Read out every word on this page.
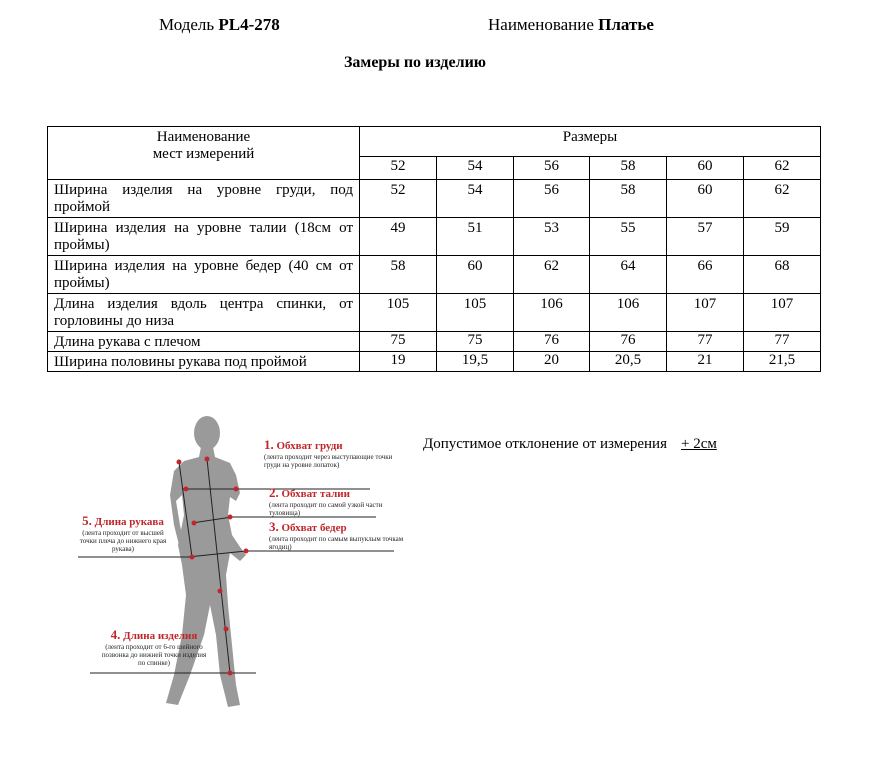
Модель PL4-278	Наименование Платье
Замеры по изделию
Наименование
мест измерений	Размеры					
	52	54	56	58	60	62
Ширина изделия на уровне груди, под проймой	52	54	56	58	60	62
Ширина изделия на уровне талии (18см от проймы)	49	51	53	55	57	59
Ширина изделия на уровне бедер (40 см от проймы)	58	60	62	64	66	68
Длина изделия вдоль центра спинки, от горловины до низа	105	105	106	106	107	107
Длина рукава с плечом	75	75	76	76	77	77
Ширина половины рукава под проймой	19	19,5	20	20,5	21	21,5
Допустимое отклонение от измерения + 2см
1. Обхват груди
(лента проходит через выступающие точки груди на уровне лопаток)
2. Обхват талии
(лента проходит по самой узкой части туловища)
3. Обхват бедер
(лента проходит по самым выпуклым точкам ягодиц)
4. Длина изделия
(лента проходит от 6-го шейного позвонка до нижней точки изделия по спинке)
5. Длина рукава
(лента проходит от высшей точки плеча до нижнего края рукава)
